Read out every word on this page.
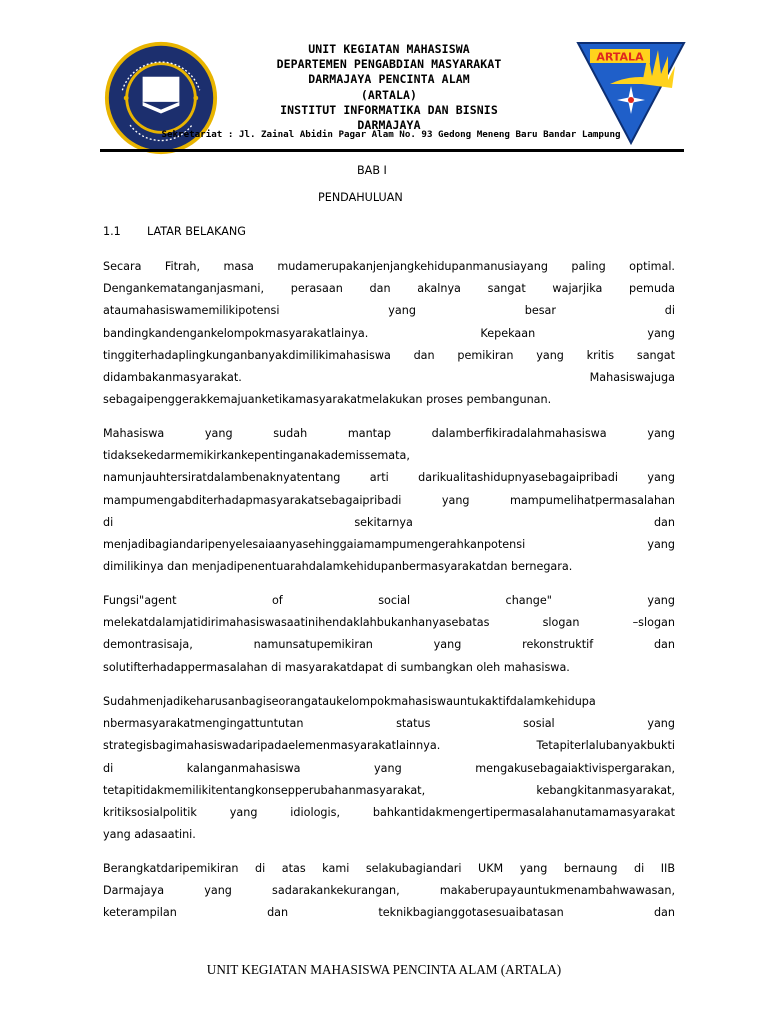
UNIT KEGIATAN MAHASISWA
DEPARTEMEN PENGABDIAN MASYARAKAT
DARMAJAYA PENCINTA ALAM
(ARTALA)
INSTITUT INFORMATIKA DAN BISNIS
DARMAJAYA
ARTALA
Sekretariat : Jl. Zainal Abidin Pagar Alam No. 93 Gedong Meneng Baru Bandar Lampung
BAB I
PENDAHULUAN
1.1 LATAR BELAKANG
Secara Fitrah, masa mudamerupakanjenjangkehidupanmanusiayang paling optimal.
Dengankematanganjasmani, perasaan dan akalnya sangat wajarjika pemuda
ataumahasiswamemilikipotensi yang besar di
bandingkandengankelompokmasyarakatlainya. Kepekaan yang
tinggiterhadaplingkunganbanyakdimilikimahasiswa dan pemikiran yang kritis sangat
didambakanmasyarakat. Mahasiswajuga
sebagaipenggerakkemajuanketikamasyarakatmelakukan proses pembangunan.
Mahasiswa yang sudah mantap dalamberfikiradalahmahasiswa yang
tidaksekedarmemikirkankepentinganakademissemata,
namunjauhtersiratdalambenaknyatentang arti darikualitashidupnyasebagaipribadi yang
mampumengabditerhadapmasyarakatsebagaipribadi yang mampumelihatpermasalahan
di sekitarnya dan
menjadibagiandaripenyelesaiaanyasehinggaiamampumengerahkanpotensi yang
dimilikinya dan menjadipenentuarahdalamkehidupanbermasyarakatdan bernegara.
Fungsi"agent of social change" yang
melekatdalamjatidirimahasiswasaatinihendaklahbukanhanyasebatas slogan –slogan
demontrasisaja, namunsatupemikiran yang rekonstruktif dan
solutifterhadappermasalahan di masyarakatdapat di sumbangkan oleh mahasiswa.
Sudahmenjadikeharusanbagiseorangataukelompokmahasiswauntukaktifdalamkehidupa
nbermasyarakatmengingattuntutan status sosial yang
strategisbagimahasiswadaripadaelemenmasyarakatlainnya. Tetapiterlalubanyakbukti
di kalanganmahasiswa yang mengakusebagaiaktivispergarakan,
tetapitidakmemilikitentangkonsepperubahanmasyarakat, kebangkitanmasyarakat,
kritiksosialpolitik yang idiologis, bahkantidakmengertipermasalahanutamamasyarakat
yang adasaatini.
Berangkatdaripemikiran di atas kami selakubagiandari UKM yang bernaung di IIB
Darmajaya yang sadarakankekurangan, makaberupayauntukmenambahwawasan,
keterampilan dan teknikbagianggotasesuaibatasan dan
UNIT KEGIATAN MAHASISWA PENCINTA ALAM (ARTALA)
